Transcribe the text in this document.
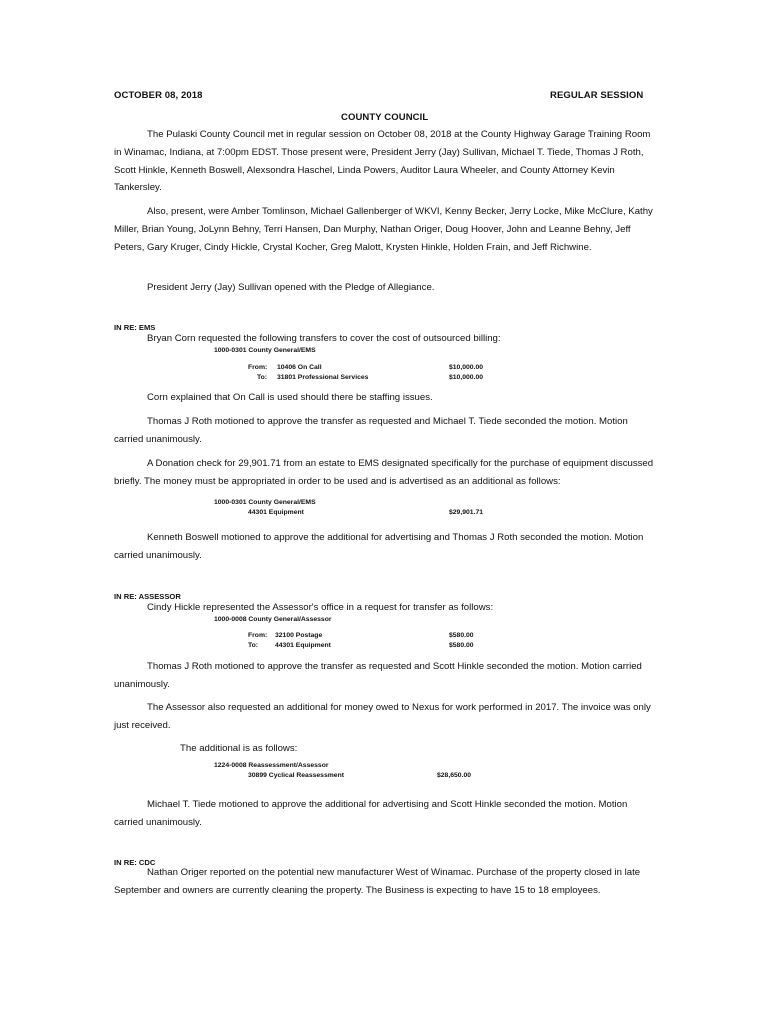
OCTOBER 08, 2018	REGULAR SESSION
COUNTY COUNCIL
The Pulaski County Council met in regular session on October 08, 2018 at the County Highway Garage Training Room in Winamac, Indiana, at 7:00pm EDST. Those present were, President Jerry (Jay) Sullivan, Michael T. Tiede, Thomas J Roth, Scott Hinkle, Kenneth Boswell, Alexsondra Haschel, Linda Powers, Auditor Laura Wheeler, and County Attorney Kevin Tankersley.
Also, present, were Amber Tomlinson, Michael Gallenberger of WKVI, Kenny Becker, Jerry Locke, Mike McClure, Kathy Miller, Brian Young, JoLynn Behny, Terri Hansen, Dan Murphy, Nathan Origer, Doug Hoover, John and Leanne Behny, Jeff Peters, Gary Kruger, Cindy Hickle, Crystal Kocher, Greg Malott, Krysten Hinkle, Holden Frain, and Jeff Richwine.
President Jerry (Jay) Sullivan opened with the Pledge of Allegiance.
IN RE: EMS
Bryan Corn requested the following transfers to cover the cost of outsourced billing:
1000-0301 County General/EMS
From: 10406 On Call	$10,000.00
To: 31801 Professional Services	$10,000.00
Corn explained that On Call is used should there be staffing issues.
Thomas J Roth motioned to approve the transfer as requested and Michael T. Tiede seconded the motion. Motion carried unanimously.
A Donation check for 29,901.71 from an estate to EMS designated specifically for the purchase of equipment discussed briefly. The money must be appropriated in order to be used and is advertised as an additional as follows:
1000-0301 County General/EMS
44301 Equipment	$29,901.71
Kenneth Boswell motioned to approve the additional for advertising and Thomas J Roth seconded the motion. Motion carried unanimously.
IN RE: ASSESSOR
Cindy Hickle represented the Assessor's office in a request for transfer as follows:
1000-0008 County General/Assessor
From: 32100 Postage	$580.00
To: 44301 Equipment	$580.00
Thomas J Roth motioned to approve the transfer as requested and Scott Hinkle seconded the motion. Motion carried unanimously.
The Assessor also requested an additional for money owed to Nexus for work performed in 2017. The invoice was only just received.
The additional is as follows:
1224-0008 Reassessment/Assessor
30899 Cyclical Reassessment	$28,650.00
Michael T. Tiede motioned to approve the additional for advertising and Scott Hinkle seconded the motion. Motion carried unanimously.
IN RE: CDC
Nathan Origer reported on the potential new manufacturer West of Winamac. Purchase of the property closed in late September and owners are currently cleaning the property. The Business is expecting to have 15 to 18 employees.
